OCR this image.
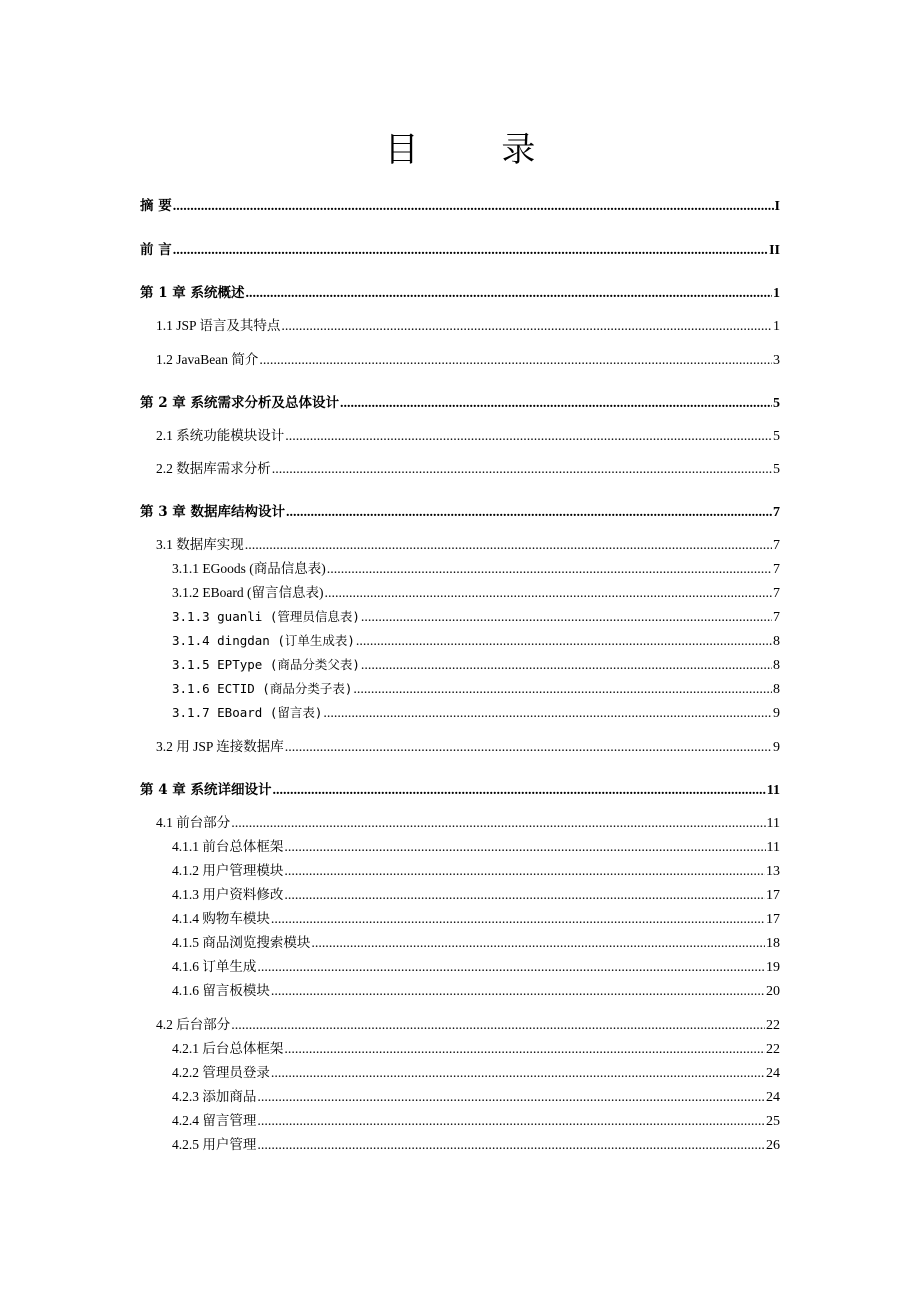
目 录
摘 要 .....	I
前 言 .....	II
第 1 章 系统概述 .....	1
1.1 JSP 语言及其特点 .....	1
1.2 JavaBean 简介 .....	3
第 2 章 系统需求分析及总体设计 .....	5
2.1 系统功能模块设计 .....	5
2.2 数据库需求分析 .....	5
第 3 章 数据库结构设计 .....	7
3.1 数据库实现 .....	7
3.1.1 EGoods (商品信息表) .....	7
3.1.2 EBoard (留言信息表) .....	7
3.1.3 guanli (管理员信息表) .....	7
3.1.4 dingdan (订单生成表) .....	8
3.1.5 EPType (商品分类父表) .....	8
3.1.6 ECTID (商品分类子表) .....	8
3.1.7 EBoard (留言表) .....	9
3.2 用 JSP 连接数据库 .....	9
第 4 章 系统详细设计 .....	11
4.1 前台部分 .....	11
4.1.1 前台总体框架 .....	11
4.1.2 用户管理模块 .....	13
4.1.3 用户资料修改 .....	17
4.1.4 购物车模块 .....	17
4.1.5 商品浏览搜索模块 .....	18
4.1.6 订单生成 .....	19
4.1.6 留言板模块 .....	20
4.2 后台部分 .....	22
4.2.1 后台总体框架 .....	22
4.2.2 管理员登录 .....	24
4.2.3 添加商品 .....	24
4.2.4 留言管理 .....	25
4.2.5 用户管理 .....	26
